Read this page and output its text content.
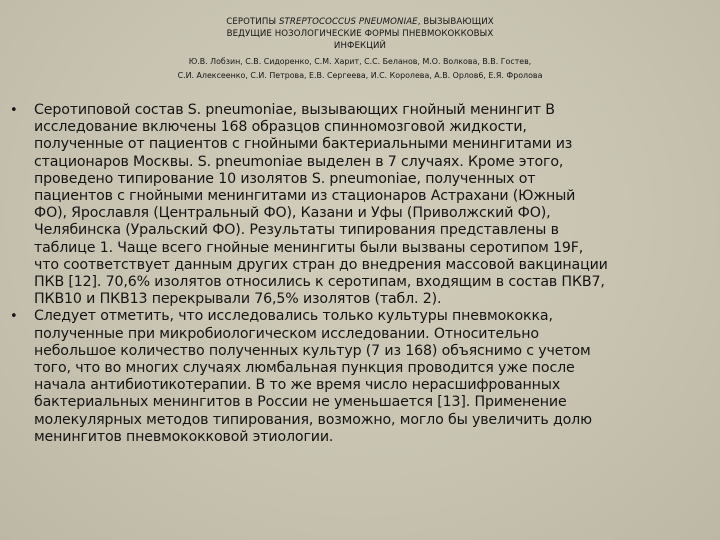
СЕРОТИПЫ STREPTOCOCCUS PNEUMONIAE, ВЫЗЫВАЮЩИХ
ВЕДУЩИЕ НОЗОЛОГИЧЕСКИЕ ФОРМЫ ПНЕВМОКОККОВЫХ
ИНФЕКЦИЙ

Ю.В. Лобзин, С.В. Сидоренко, С.М. Харит, С.С. Беланов, М.О. Волкова, В.В. Гостев,
С.И. Алексеенко, С.И. Петрова, Е.В. Сергеева, И.С. Королева, А.В. Орлов6, Е.Я. Фролова

• Серотиповой состав S. pneumoniae, вызывающих гнойный менингит В
исследование включены 168 образцов спинномозговой жидкости,
полученные от пациентов с гнойными бактериальными менингитами из
стационаров Москвы. S. pneumoniae выделен в 7 случаях. Кроме этого,
проведено типирование 10 изолятов S. pneumoniae, полученных от
пациентов с гнойными менингитами из стационаров Астрахани (Южный
ФО), Ярославля (Центральный ФО), Казани и Уфы (Приволжский ФО),
Челябинска (Уральский ФО). Результаты типирования представлены в
таблице 1. Чаще всего гнойные менингиты были вызваны серотипом 19F,
что соответствует данным других стран до внедрения массовой вакцинации
ПКВ [12]. 70,6% изолятов относились к серотипам, входящим в состав ПКВ7,
ПКВ10 и ПКВ13 перекрывали 76,5% изолятов (табл. 2).
• Следует отметить, что исследовались только культуры пневмококка,
полученные при микробиологическом исследовании. Относительно
небольшое количество полученных культур (7 из 168) объяснимо с учетом
того, что во многих случаях люмбальная пункция проводится уже после
начала антибиотикотерапии. В то же время число нерасшифрованных
бактериальных менингитов в России не уменьшается [13]. Применение
молекулярных методов типирования, возможно, могло бы увеличить долю
менингитов пневмококковой этиологии.
